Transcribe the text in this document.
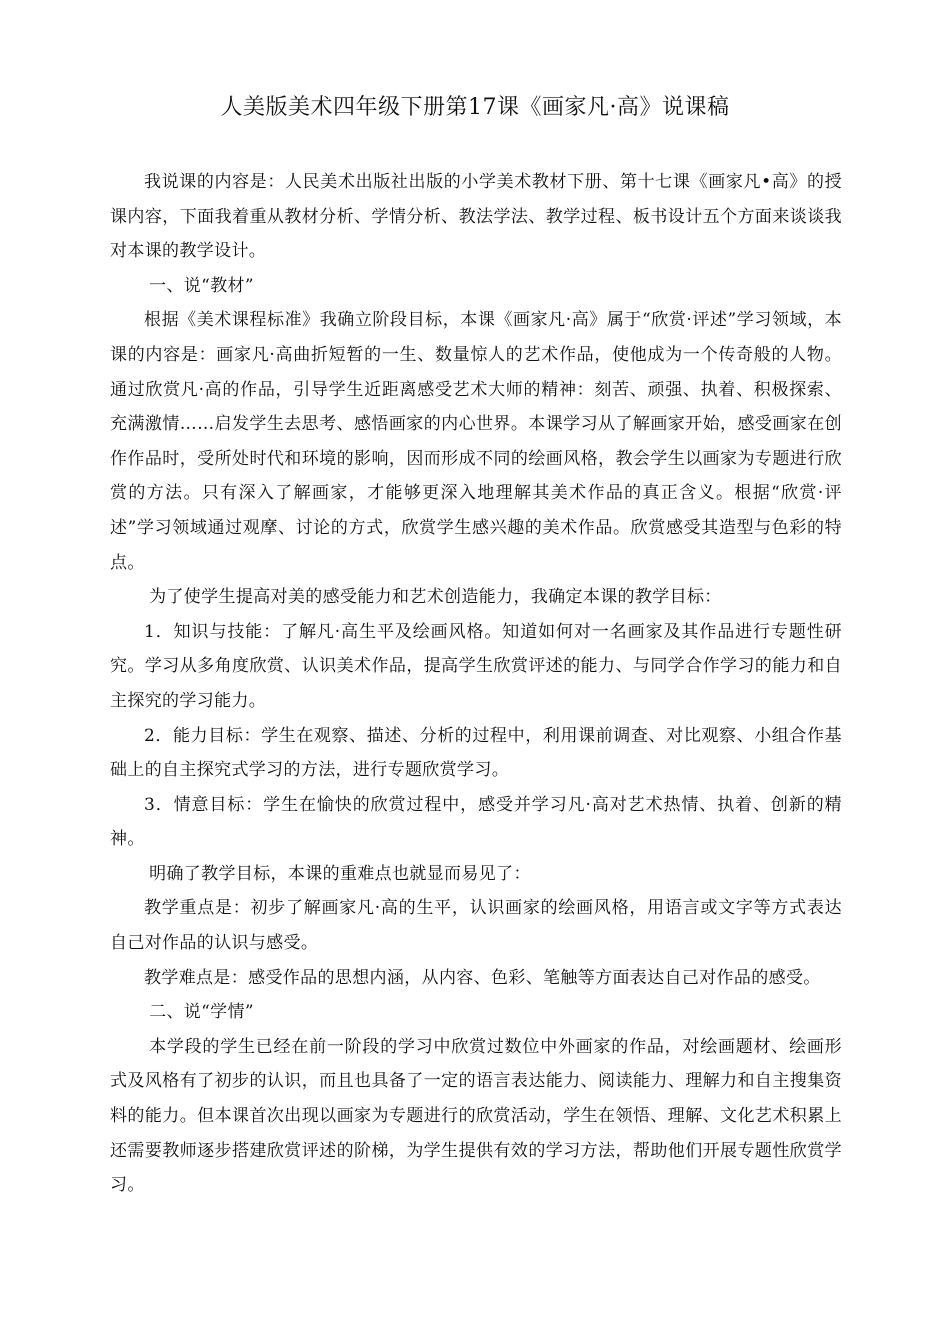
人美版美术四年级下册第17课《画家凡·高》说课稿

我说课的内容是：人民美术出版社出版的小学美术教材下册、第十七课《画家凡•高》的授课内容，下面我着重从教材分析、学情分析、教法学法、教学过程、板书设计五个方面来谈谈我对本课的教学设计。

一、说“教材”

根据《美术课程标准》我确立阶段目标，本课《画家凡·高》属于“欣赏·评述”学习领域，本课的内容是：画家凡·高曲折短暂的一生、数量惊人的艺术作品，使他成为一个传奇般的人物。通过欣赏凡·高的作品，引导学生近距离感受艺术大师的精神：刻苦、顽强、执着、积极探索、充满激情……启发学生去思考、感悟画家的内心世界。本课学习从了解画家开始，感受画家在创作作品时，受所处时代和环境的影响，因而形成不同的绘画风格，教会学生以画家为专题进行欣赏的方法。只有深入了解画家，才能够更深入地理解其美术作品的真正含义。根据“欣赏·评述”学习领域通过观摩、讨论的方式，欣赏学生感兴趣的美术作品。欣赏感受其造型与色彩的特点。

为了使学生提高对美的感受能力和艺术创造能力，我确定本课的教学目标：

1．知识与技能：了解凡·高生平及绘画风格。知道如何对一名画家及其作品进行专题性研究。学习从多角度欣赏、认识美术作品，提高学生欣赏评述的能力、与同学合作学习的能力和自主探究的学习能力。

2．能力目标：学生在观察、描述、分析的过程中，利用课前调查、对比观察、小组合作基础上的自主探究式学习的方法，进行专题欣赏学习。

3．情意目标：学生在愉快的欣赏过程中，感受并学习凡·高对艺术热情、执着、创新的精神。

明确了教学目标，本课的重难点也就显而易见了：

教学重点是：初步了解画家凡·高的生平，认识画家的绘画风格，用语言或文字等方式表达自己对作品的认识与感受。

教学难点是：感受作品的思想内涵，从内容、色彩、笔触等方面表达自己对作品的感受。

二、说“学情”

本学段的学生已经在前一阶段的学习中欣赏过数位中外画家的作品，对绘画题材、绘画形式及风格有了初步的认识，而且也具备了一定的语言表达能力、阅读能力、理解力和自主搜集资料的能力。但本课首次出现以画家为专题进行的欣赏活动，学生在领悟、理解、文化艺术积累上还需要教师逐步搭建欣赏评述的阶梯，为学生提供有效的学习方法，帮助他们开展专题性欣赏学习。
